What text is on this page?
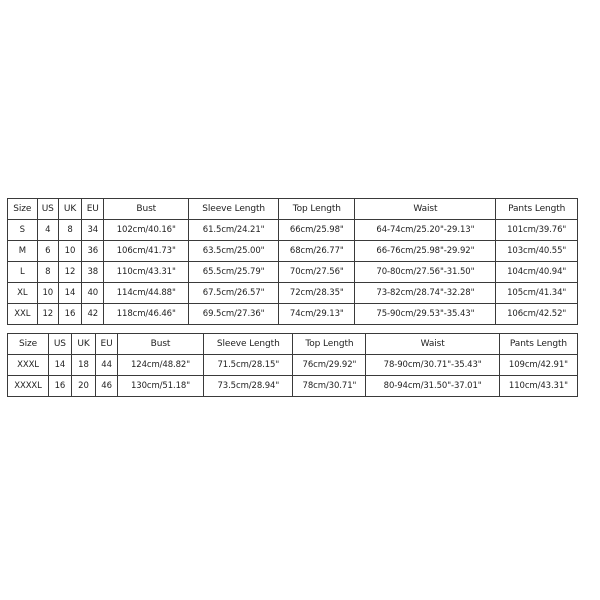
Size	US	UK	EU	Bust	Sleeve Length	Top Length	Waist	Pants Length
S	4	8	34	102cm/40.16"	61.5cm/24.21"	66cm/25.98"	64-74cm/25.20"-29.13"	101cm/39.76"
M	6	10	36	106cm/41.73"	63.5cm/25.00"	68cm/26.77"	66-76cm/25.98"-29.92"	103cm/40.55"
L	8	12	38	110cm/43.31"	65.5cm/25.79"	70cm/27.56"	70-80cm/27.56"-31.50"	104cm/40.94"
XL	10	14	40	114cm/44.88"	67.5cm/26.57"	72cm/28.35"	73-82cm/28.74"-32.28"	105cm/41.34"
XXL	12	16	42	118cm/46.46"	69.5cm/27.36"	74cm/29.13"	75-90cm/29.53"-35.43"	106cm/42.52"
Size	US	UK	EU	Bust	Sleeve Length	Top Length	Waist	Pants Length
XXXL	14	18	44	124cm/48.82"	71.5cm/28.15"	76cm/29.92"	78-90cm/30.71"-35.43"	109cm/42.91"
XXXXL	16	20	46	130cm/51.18"	73.5cm/28.94"	78cm/30.71"	80-94cm/31.50"-37.01"	110cm/43.31"
